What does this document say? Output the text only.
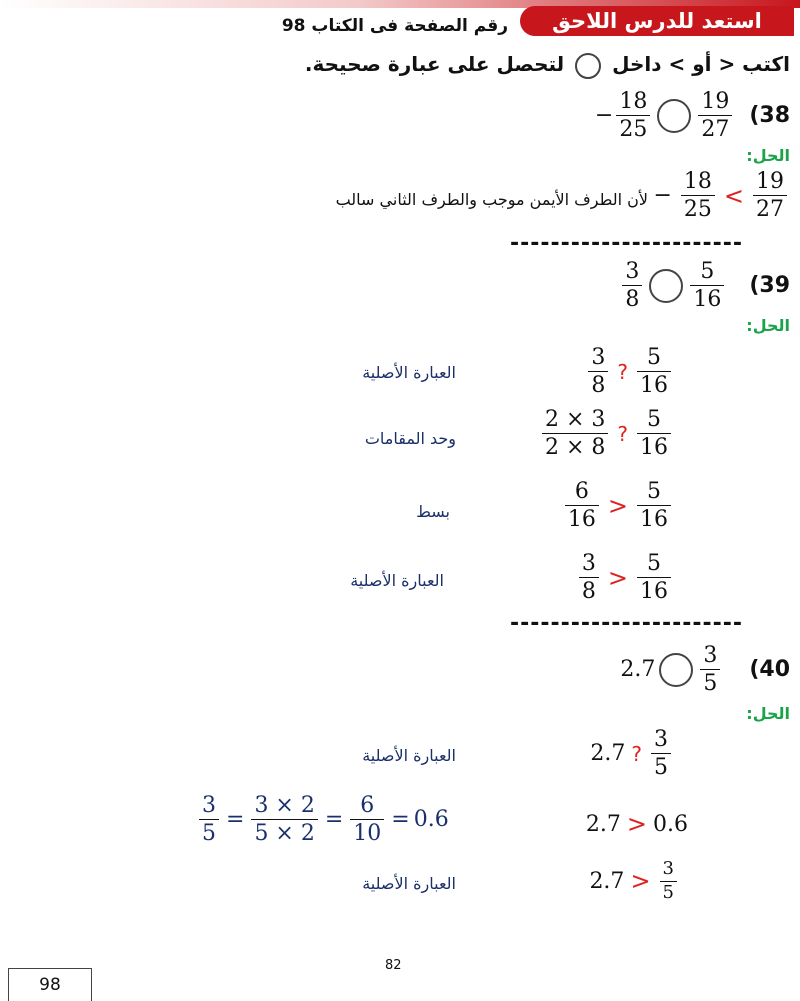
استعد للدرس اللاحق
رقم الصفحة فى الكتاب 98
اكتب < أو > داخل  لتحصل على عبارة صحيحة.
− $\frac{18}{25} \frac{19}{27} (38$
الحل:
− $\frac{18}{25} < \frac{19}{27}$
لأن الطرف الأيمن موجب والطرف الثاني سالب
-----------------------
$\frac{3}{8} \frac{5}{16} (39$
الحل:
$\frac{3}{8}$ ? $\frac{5}{16}$
العبارة الأصلية
$\frac{2 \times 3}{2 \times 8}$ ? $\frac{5}{16}$
وحد المقامات
$\frac{6}{16} > \frac{5}{16}$
بسط
$\frac{3}{8} > \frac{5}{16}$
العبارة الأصلية
-----------------------
$2.7 \frac{3}{5} (40$
الحل:
2.7 ? $\frac{3}{5}$
العبارة الأصلية
2.7 > 0.6
$\frac{3}{5} = \frac{3 \times 2}{5 \times 2} = \frac{6}{10} = 0.6$
$2.7 > \frac{3}{5}$
العبارة الأصلية
82
98
